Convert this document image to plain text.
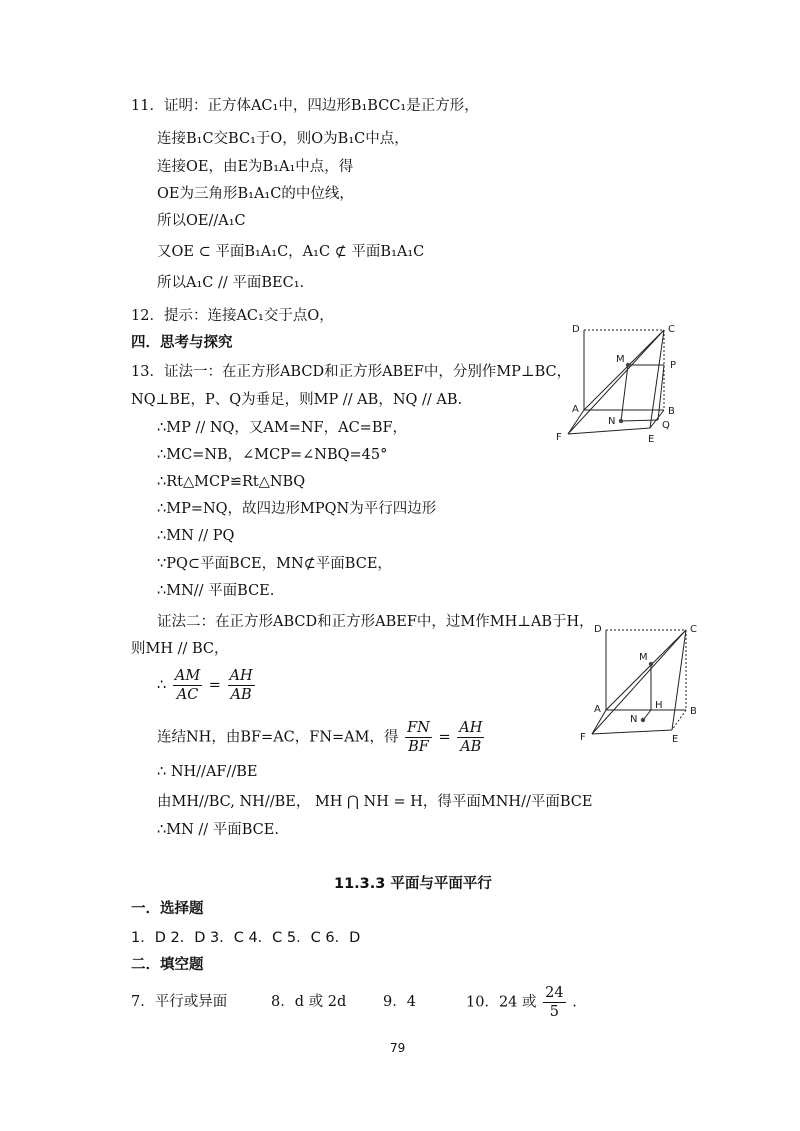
11．证明：正方体AC₁中，四边形B₁BCC₁是正方形，
连接B₁C交BC₁于O，则O为B₁C中点，
连接OE，由E为B₁A₁中点，得
OE为三角形B₁A₁C的中位线，
所以OE//A₁C
又OE ⊂ 平面B₁A₁C，A₁C ⊄ 平面B₁A₁C
所以A₁C // 平面BEC₁.
12．提示：连接AC₁交于点O，
四．思考与探究
13．证法一：在正方形ABCD和正方形ABEF中，分别作MP⊥BC，
NQ⊥BE，P、Q为垂足，则MP // AB，NQ // AB.
∴MP // NQ，又AM=NF，AC=BF，
∴MC=NB，∠MCP=∠NBQ=45°
∴Rt△MCP≌Rt△NBQ
∴MP=NQ，故四边形MPQN为平行四边形
∴MN // PQ
∵PQ⊂平面BCE，MN⊄平面BCE，
∴MN// 平面BCE.
证法二：在正方形ABCD和正方形ABEF中，过M作MH⊥AB于H，
则MH // BC，
∴ $\frac{AM}{AC} = \frac{AH}{AB}$
连结NH，由BF=AC，FN=AM，得 $\frac{FN}{BF} = \frac{AH}{AB}$
∴ NH//AF//BE
由MH//BC, NH//BE， MH ⋂ NH = H，得平面MNH//平面BCE
∴MN // 平面BCE.
11.3.3 平面与平面平行
一．选择题
1．D 2．D 3．C 4．C 5．C 6．D
二．填空题
7．平行或异面	8．d 或 2d	9．4	10．24 或 $\frac{24}{5}$ .
79
D	C
M
P
A
N
B
Q
F	E
D	C
M
A
N
H
B
F	E
